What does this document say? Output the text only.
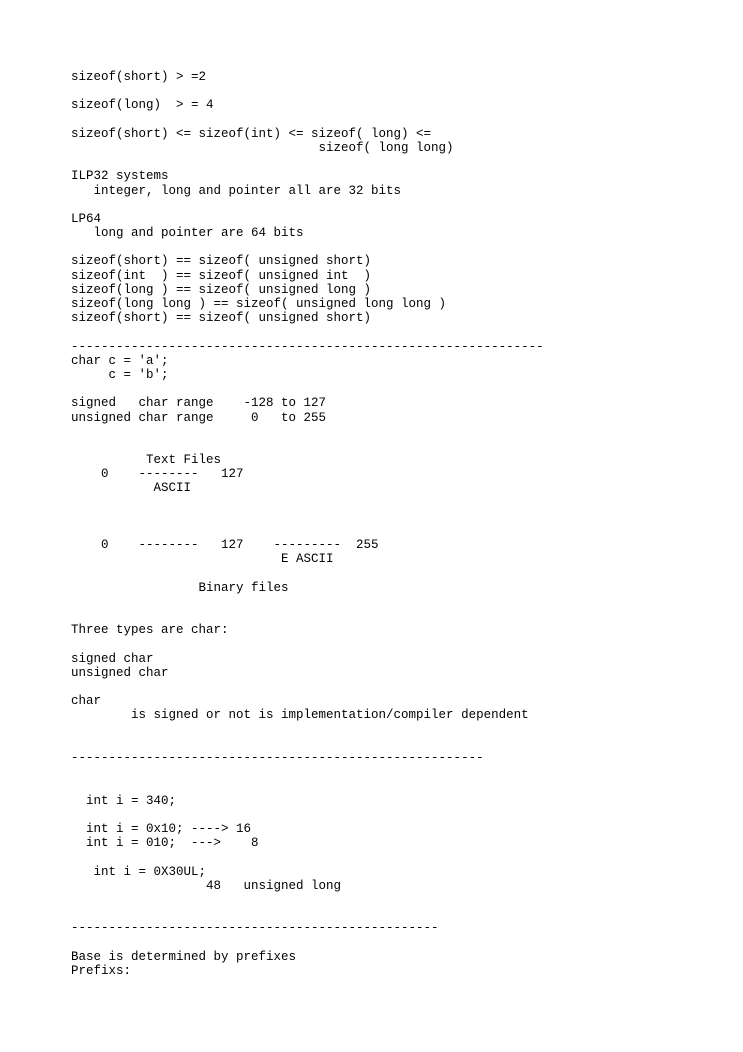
sizeof(short) > =2
sizeof(long)  > = 4
sizeof(short) <= sizeof(int) <= sizeof( long) <=
sizeof( long long)
ILP32 systems
integer, long and pointer all are 32 bits
LP64
long and pointer are 64 bits
sizeof(short) == sizeof( unsigned short)
sizeof(int  ) == sizeof( unsigned int  )
sizeof(long ) == sizeof( unsigned long )
sizeof(long long ) == sizeof( unsigned long long )
sizeof(short) == sizeof( unsigned short)
---------------------------------------------------------------
char c = 'a';
c = 'b';
signed   char range    -128 to 127
unsigned char range     0   to 255
Text Files
0    --------   127
ASCII
0    --------   127    ---------  255
E ASCII
Binary files
Three types are char:
signed char
unsigned char
char
is signed or not is implementation/compiler dependent
-------------------------------------------------------
int i = 340;
int i = 0x10; ----> 16
int i = 010;  --->    8
int i = 0X30UL;
48   unsigned long
-------------------------------------------------
Base is determined by prefixes
Prefixs:
